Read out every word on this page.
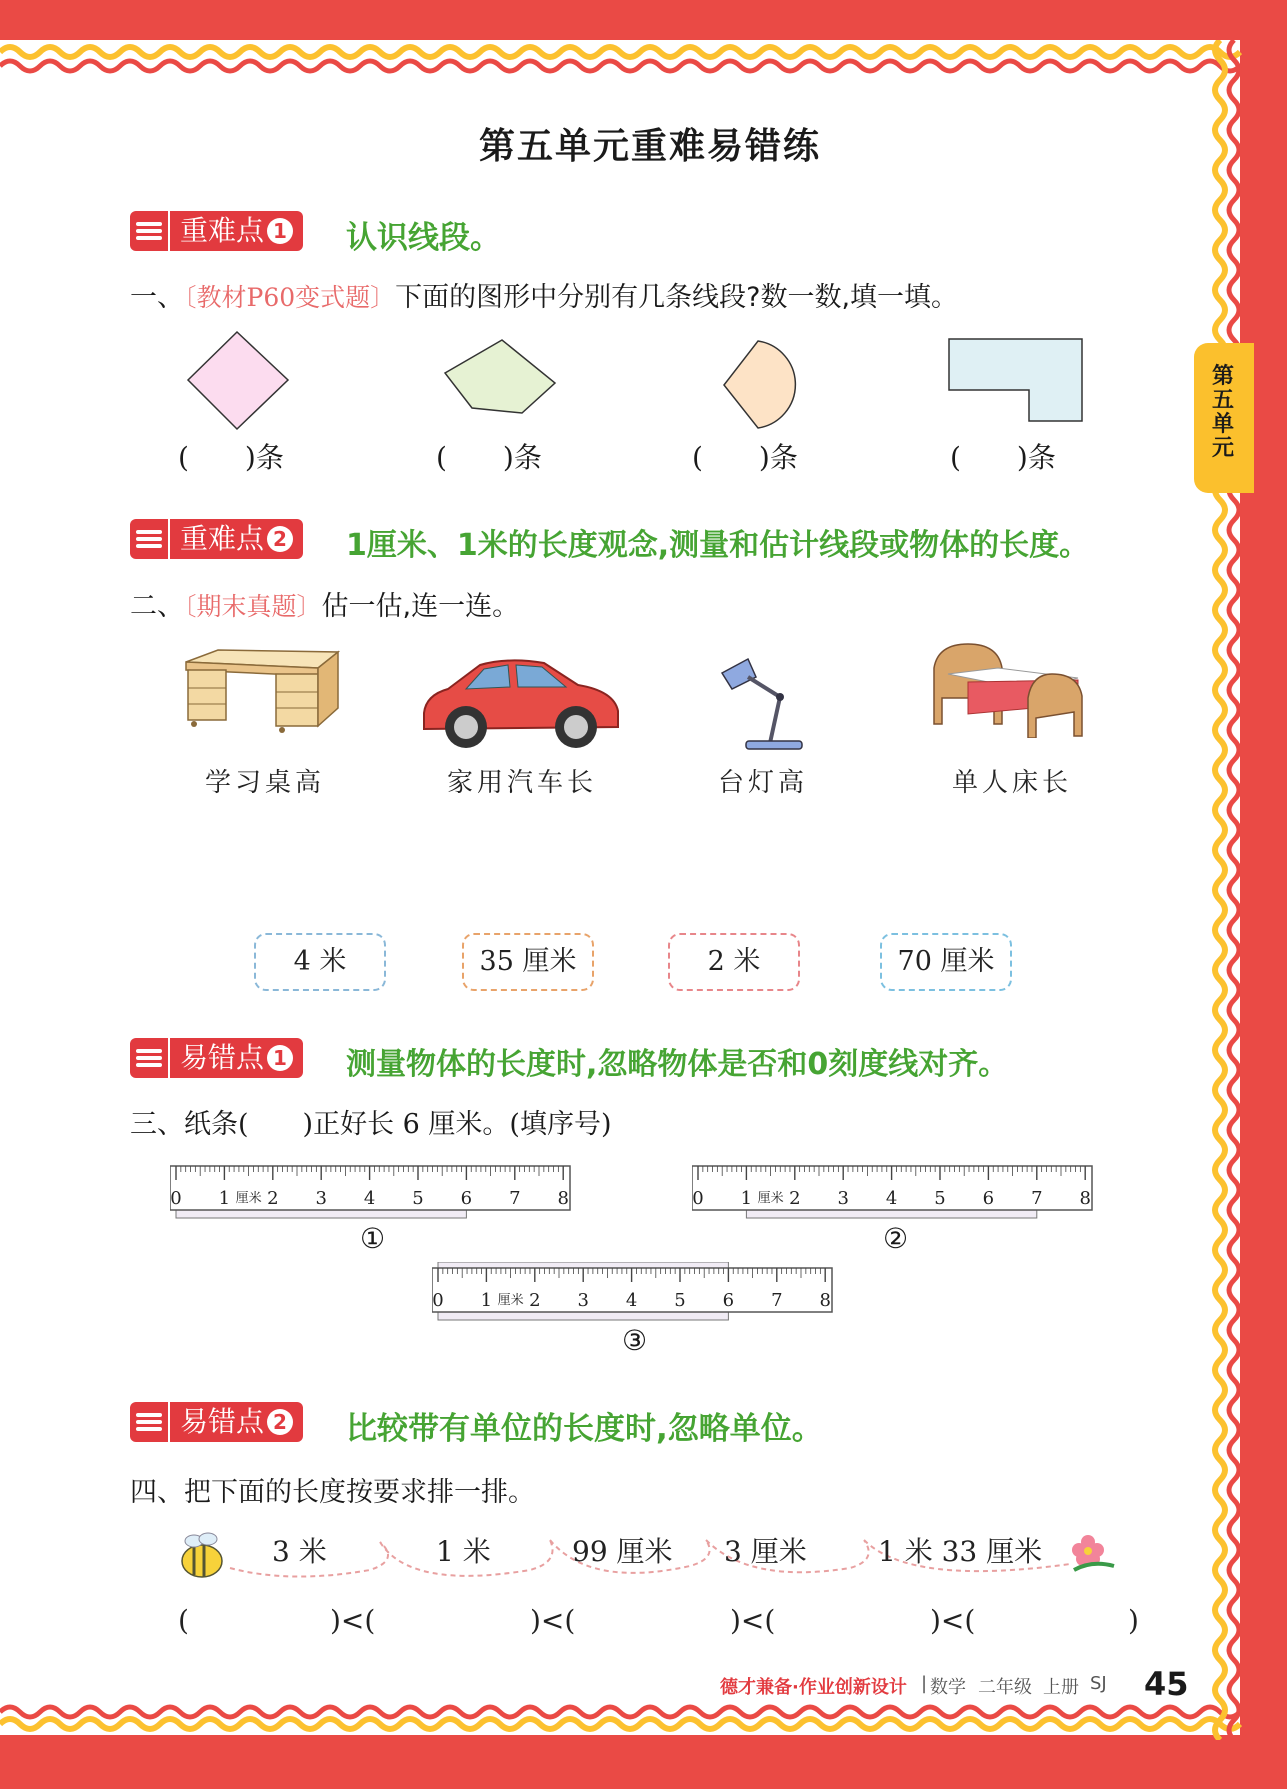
第五单元
第五单元重难易错练
重难点 1	认识线段。
一、〔教材P60变式题〕下面的图形中分别有几条线段?数一数,填一填。
(　　)条	(　　)条	(　　)条	(　　)条
重难点 2	1厘米、1米的长度观念,测量和估计线段或物体的长度。
二、〔期末真题〕估一估,连一连。
学习桌高	家用汽车长	台灯高	单人床长
4 米	35 厘米	2 米	70 厘米
易错点 1	测量物体的长度时,忽略物体是否和0刻度线对齐。
三、纸条(　　)正好长 6 厘米。(填序号)
0 1 2 3 4 5 6 7 8
厘米
①
0 1 2 3 4 5 6 7 8
厘米
②
0 1 2 3 4 5 6 7 8
厘米
③
易错点 2	比较带有单位的长度时,忽略单位。
四、把下面的长度按要求排一排。
3 米	1 米	99 厘米 3 厘米	1 米 33 厘米
(	)<(	)<(	)<(	)<(	)
德才兼备·作业创新设计 | 数学 二年级 上册 SJ 45
